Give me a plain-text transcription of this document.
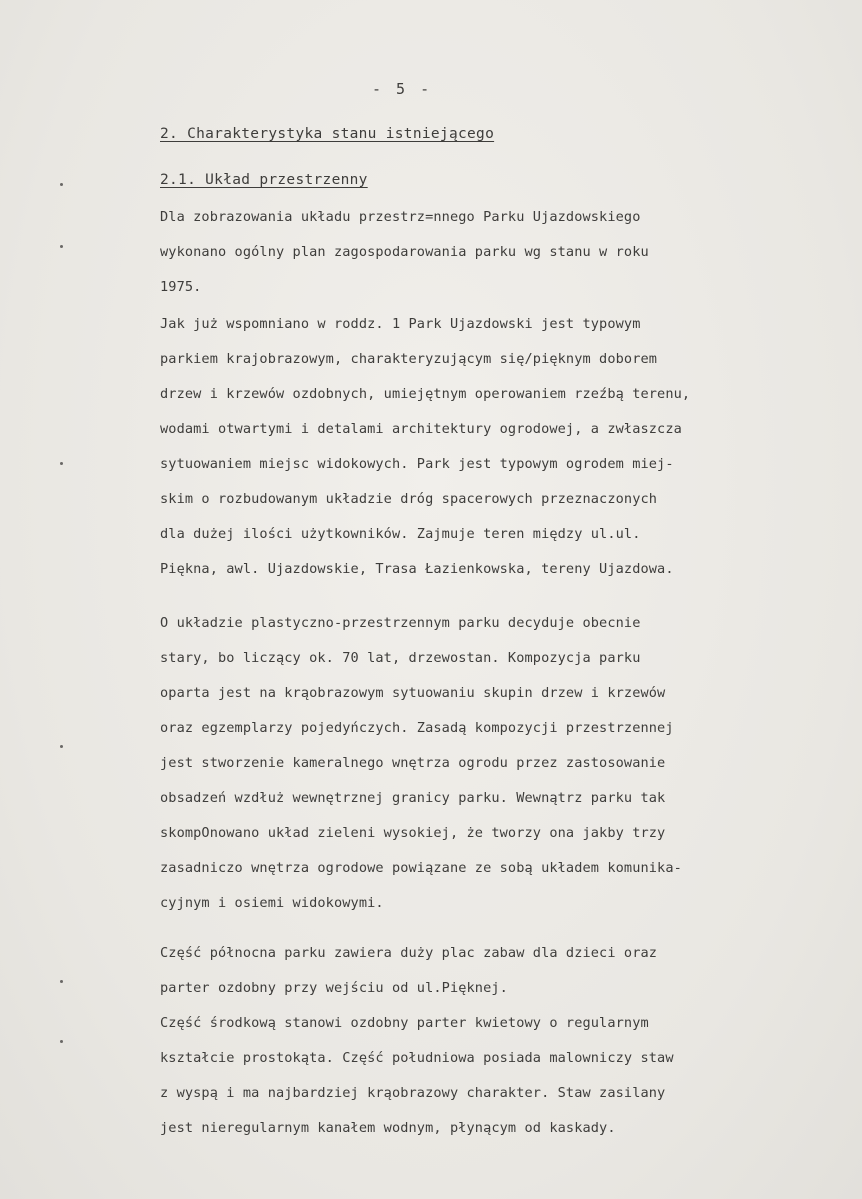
- 5 -
2. Charakterystyka stanu istniejącego
2.1. Układ przestrzenny
Dla zobrazowania układu przestrz=nnego Parku Ujazdowskiego
wykonano ogólny plan zagospodarowania parku wg stanu w roku
1975.
Jak już wspomniano w roddz. 1 Park Ujazdowski jest typowym
parkiem krajobrazowym, charakteryzującym się/pięknym doborem
drzew i krzewów ozdobnych, umiejętnym operowaniem rzeźbą terenu,
wodami otwartymi i detalami architektury ogrodowej, a zwłaszcza
sytuowaniem miejsc widokowych. Park jest typowym ogrodem miej-
skim o rozbudowanym układzie dróg spacerowych przeznaczonych
dla dużej ilości użytkowników. Zajmuje teren między ul.ul.
Piękna, awl. Ujazdowskie, Trasa Łazienkowska, tereny Ujazdowa.
O układzie plastyczno-przestrzennym parku decyduje obecnie
stary, bo liczący ok. 70 lat, drzewostan. Kompozycja parku
oparta jest na krąobrazowym sytuowaniu skupin drzew i krzewów
oraz egzemplarzy pojedyńczych. Zasadą kompozycji przestrzennej
jest stworzenie kameralnego wnętrza ogrodu przez zastosowanie
obsadzeń wzdłuż wewnętrznej granicy parku. Wewnątrz parku tak
skompOnowano układ zieleni wysokiej, że tworzy ona jakby trzy
zasadniczo wnętrza ogrodowe powiązane ze sobą układem komunika-
cyjnym i osiemi widokowymi.
Część północna parku zawiera duży plac zabaw dla dzieci oraz
parter ozdobny przy wejściu od ul.Pięknej.
Część środkową stanowi ozdobny parter kwietowy o regularnym
kształcie prostokąta. Część południowa posiada malowniczy staw
z wyspą i ma najbardziej krąobrazowy charakter. Staw zasilany
jest nieregularnym kanałem wodnym, płynącym od kaskady.
